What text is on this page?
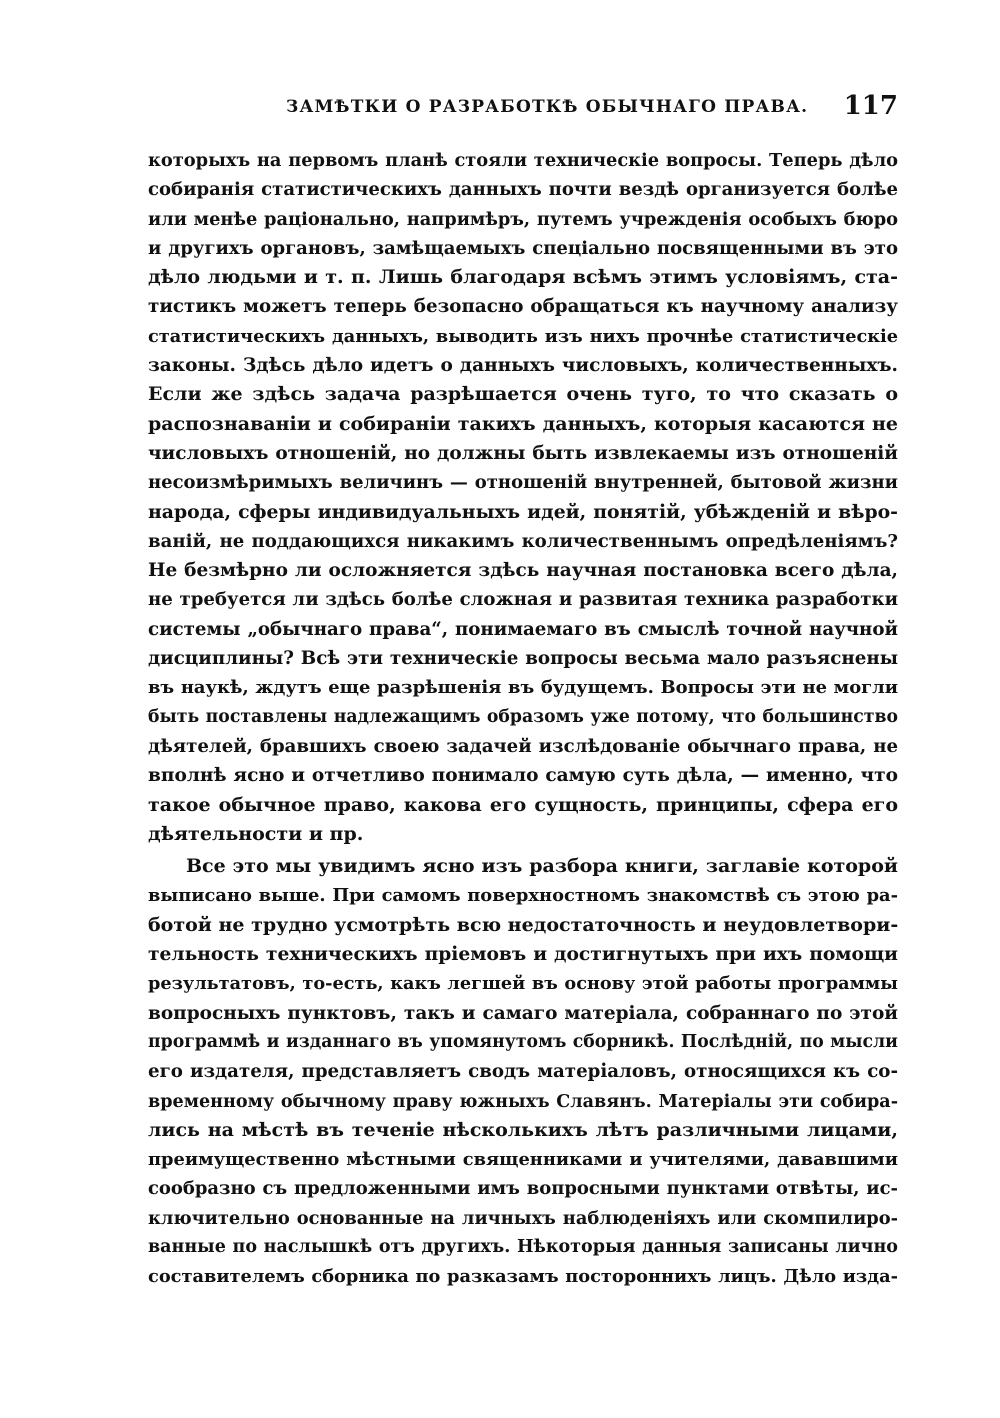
ЗАМѢТКИ О РАЗРАБОТКѢ ОБЫЧНАГО ПРАВА. 117
которыхъ на первомъ планѣ стояли техническіе вопросы. Теперь дѣло
собиранія статистическихъ данныхъ почти вездѣ организуется болѣе
или менѣе раціонально, напримѣръ, путемъ учрежденія особыхъ бюро
и другихъ органовъ, замѣщаемыхъ спеціально посвященными въ это
дѣло людьми и т. п. Лишь благодаря всѣмъ этимъ условіямъ, ста-
тистикъ можетъ теперь безопасно обращаться къ научному анализу
статистическихъ данныхъ, выводить изъ нихъ прочнѣе статистическіе
законы. Здѣсь дѣло идетъ о данныхъ числовыхъ, количественныхъ.
Если же здѣсь задача разрѣшается очень туго, то что сказать о
распознаваніи и собираніи такихъ данныхъ, которыя касаются не
числовыхъ отношеній, но должны быть извлекаемы изъ отношеній
несоизмѣримыхъ величинъ — отношеній внутренней, бытовой жизни
народа, сферы индивидуальныхъ идей, понятій, убѣжденій и вѣро-
ваній, не поддающихся никакимъ количественнымъ опредѣленіямъ?
Не безмѣрно ли осложняется здѣсь научная постановка всего дѣла,
не требуется ли здѣсь болѣе сложная и развитая техника разработки
системы „обычнаго права“, понимаемаго въ смыслѣ точной научной
дисциплины? Всѣ эти техническіе вопросы весьма мало разъяснены
въ наукѣ, ждутъ еще разрѣшенія въ будущемъ. Вопросы эти не могли
быть поставлены надлежащимъ образомъ уже потому, что большинство
дѣятелей, бравшихъ своею задачей изслѣдованіе обычнаго права, не
вполнѣ ясно и отчетливо понимало самую суть дѣла, — именно, что
такое обычное право, какова его сущность, принципы, сфера его
дѣятельности и пр.
Все это мы увидимъ ясно изъ разбора книги, заглавіе которой
выписано выше. При самомъ поверхностномъ знакомствѣ съ этою ра-
ботой не трудно усмотрѣть всю недостаточность и неудовлетвори-
тельность техническихъ пріемовъ и достигнутыхъ при ихъ помощи
результатовъ, то-есть, какъ легшей въ основу этой работы программы
вопросныхъ пунктовъ, такъ и самаго матеріала, собраннаго по этой
программѣ и изданнаго въ упомянутомъ сборникѣ. Послѣдній, по мысли
его издателя, представляетъ сводъ матеріаловъ, относящихся къ со-
временному обычному праву южныхъ Славянъ. Матеріалы эти собира-
лись на мѣстѣ въ теченіе нѣсколькихъ лѣтъ различными лицами,
преимущественно мѣстными священниками и учителями, дававшими
сообразно съ предложенными имъ вопросными пунктами отвѣты, ис-
ключительно основанные на личныхъ наблюденіяхъ или скомпилиро-
ванные по наслышкѣ отъ другихъ. Нѣкоторыя данныя записаны лично
составителемъ сборника по разказамъ постороннихъ лицъ. Дѣло изда-
